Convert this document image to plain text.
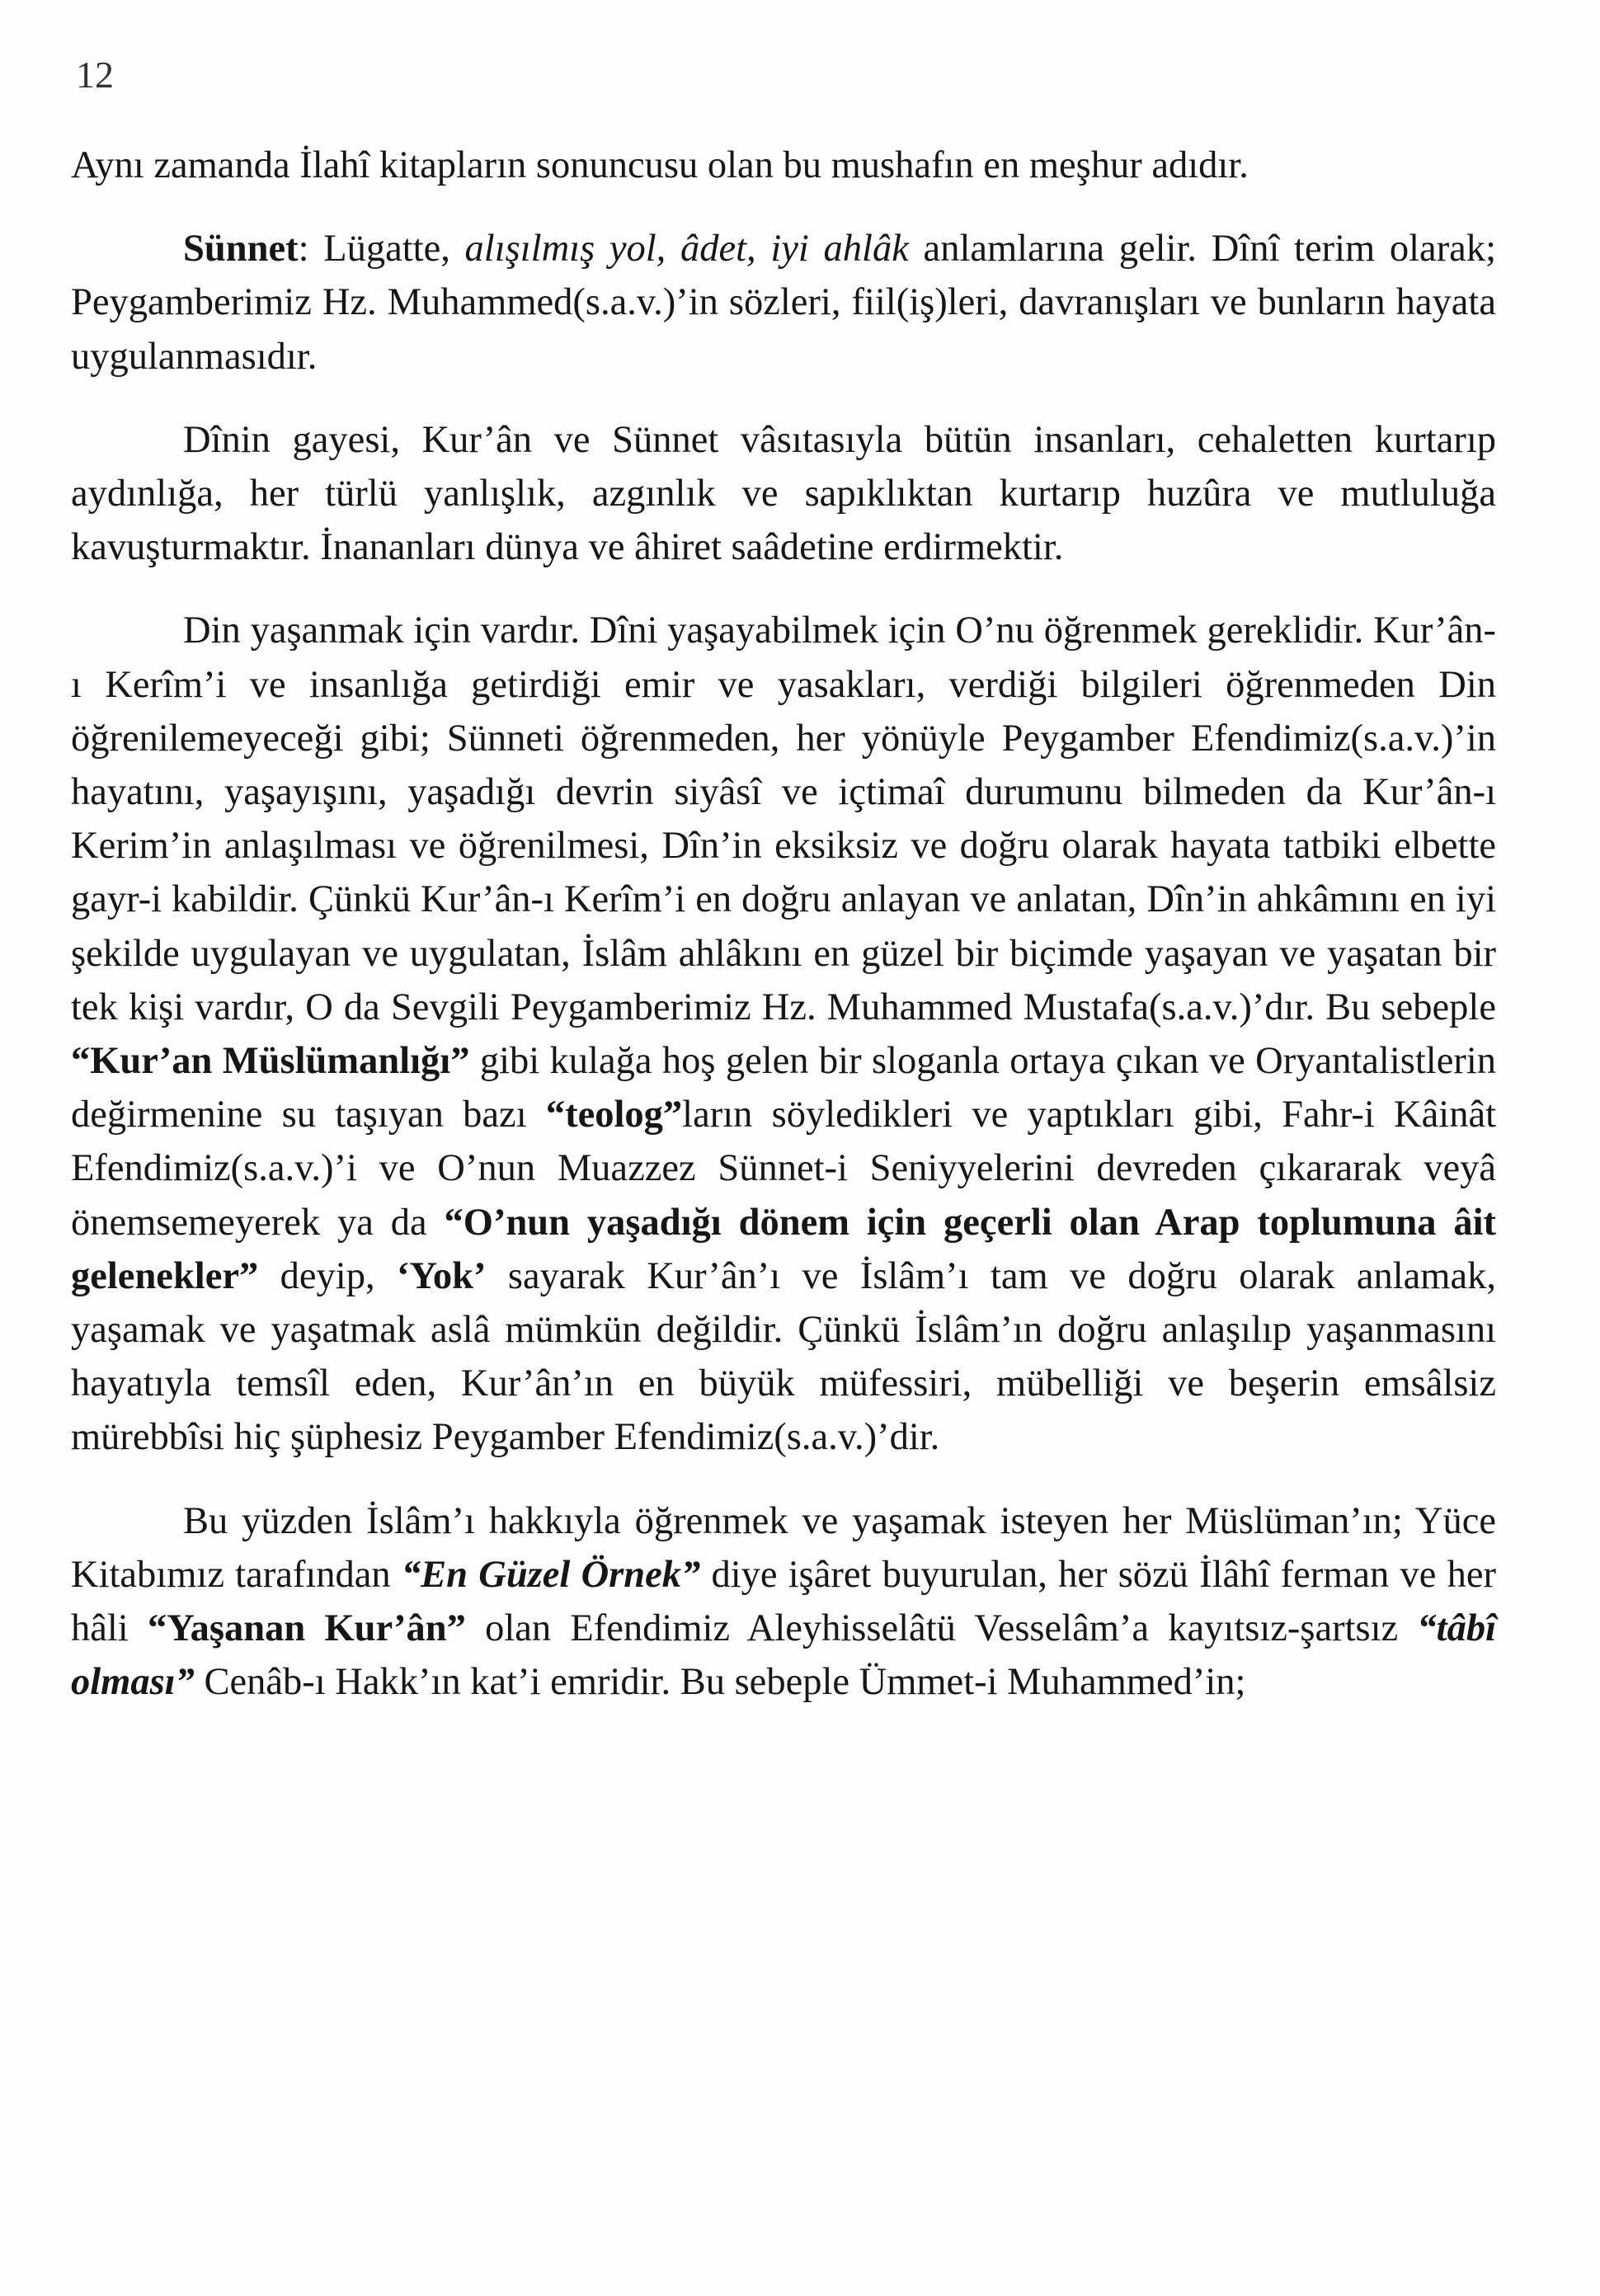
12

Aynı zamanda İlahî kitapların sonuncusu olan bu mushafın en meşhur adıdır.

Sünnet: Lügatte, alışılmış yol, âdet, iyi ahlâk anlamlarına gelir. Dînî terim olarak; Peygamberimiz Hz. Muhammed(s.a.v.)’in sözleri, fiil(iş)leri, davranışları ve bunların hayata uygulanmasıdır.

Dînin gayesi, Kur’ân ve Sünnet vâsıtasıyla bütün insanları, cehaletten kurtarıp aydınlığa, her türlü yanlışlık, azgınlık ve sapıklıktan kurtarıp huzûra ve mutluluğa kavuşturmaktır. İnananları dünya ve âhiret saâdetine erdirmektir.

Din yaşanmak için vardır. Dîni yaşayabilmek için O’nu öğrenmek gereklidir. Kur’ân-ı Kerîm’i ve insanlığa getirdiği emir ve yasakları, verdiği bilgileri öğrenmeden Din öğrenilemeyeceği gibi; Sünneti öğrenmeden, her yönüyle Peygamber Efendimiz(s.a.v.)’in hayatını, yaşayışını, yaşadığı devrin siyâsî ve içtimaî durumunu bilmeden da Kur’ân-ı Kerim’in anlaşılması ve öğrenilmesi, Dîn’in eksiksiz ve doğru olarak hayata tatbiki elbette gayr-i kabildir. Çünkü Kur’ân-ı Kerîm’i en doğru anlayan ve anlatan, Dîn’in ahkâmını en iyi şekilde uygulayan ve uygulatan, İslâm ahlâkını en güzel bir biçimde yaşayan ve yaşatan bir tek kişi vardır, O da Sevgili Peygamberimiz Hz. Muhammed Mustafa(s.a.v.)’dır. Bu sebeple “Kur’an Müslümanlığı” gibi kulağa hoş gelen bir sloganla ortaya çıkan ve Oryantalistlerin değirmenine su taşıyan bazı “teolog”ların söyledikleri ve yaptıkları gibi, Fahr-i Kâinât Efendimiz(s.a.v.)’i ve O’nun Muazzez Sünnet-i Seniyyelerini devreden çıkararak veyâ önemsemeyerek ya da “O’nun yaşadığı dönem için geçerli olan Arap toplumuna âit gelenekler” deyip, ‘Yok’ sayarak Kur’ân’ı ve İslâm’ı tam ve doğru olarak anlamak, yaşamak ve yaşatmak aslâ mümkün değildir. Çünkü İslâm’ın doğru anlaşılıp yaşanmasını hayatıyla temsîl eden, Kur’ân’ın en büyük müfessiri, mübelliği ve beşerin emsâlsiz mürebbîsi hiç şüphesiz Peygamber Efendimiz(s.a.v.)’dir.

Bu yüzden İslâm’ı hakkıyla öğrenmek ve yaşamak isteyen her Müslüman’ın; Yüce Kitabımız tarafından “En Güzel Örnek” diye işâret buyurulan, her sözü İlâhî ferman ve her hâli “Yaşanan Kur’ân” olan Efendimiz Aleyhisselâtü Vesselâm’a kayıtsız-şartsız “tâbî olması” Cenâb-ı Hakk’ın kat’i emridir. Bu sebeple Ümmet-i Muhammed’in;
